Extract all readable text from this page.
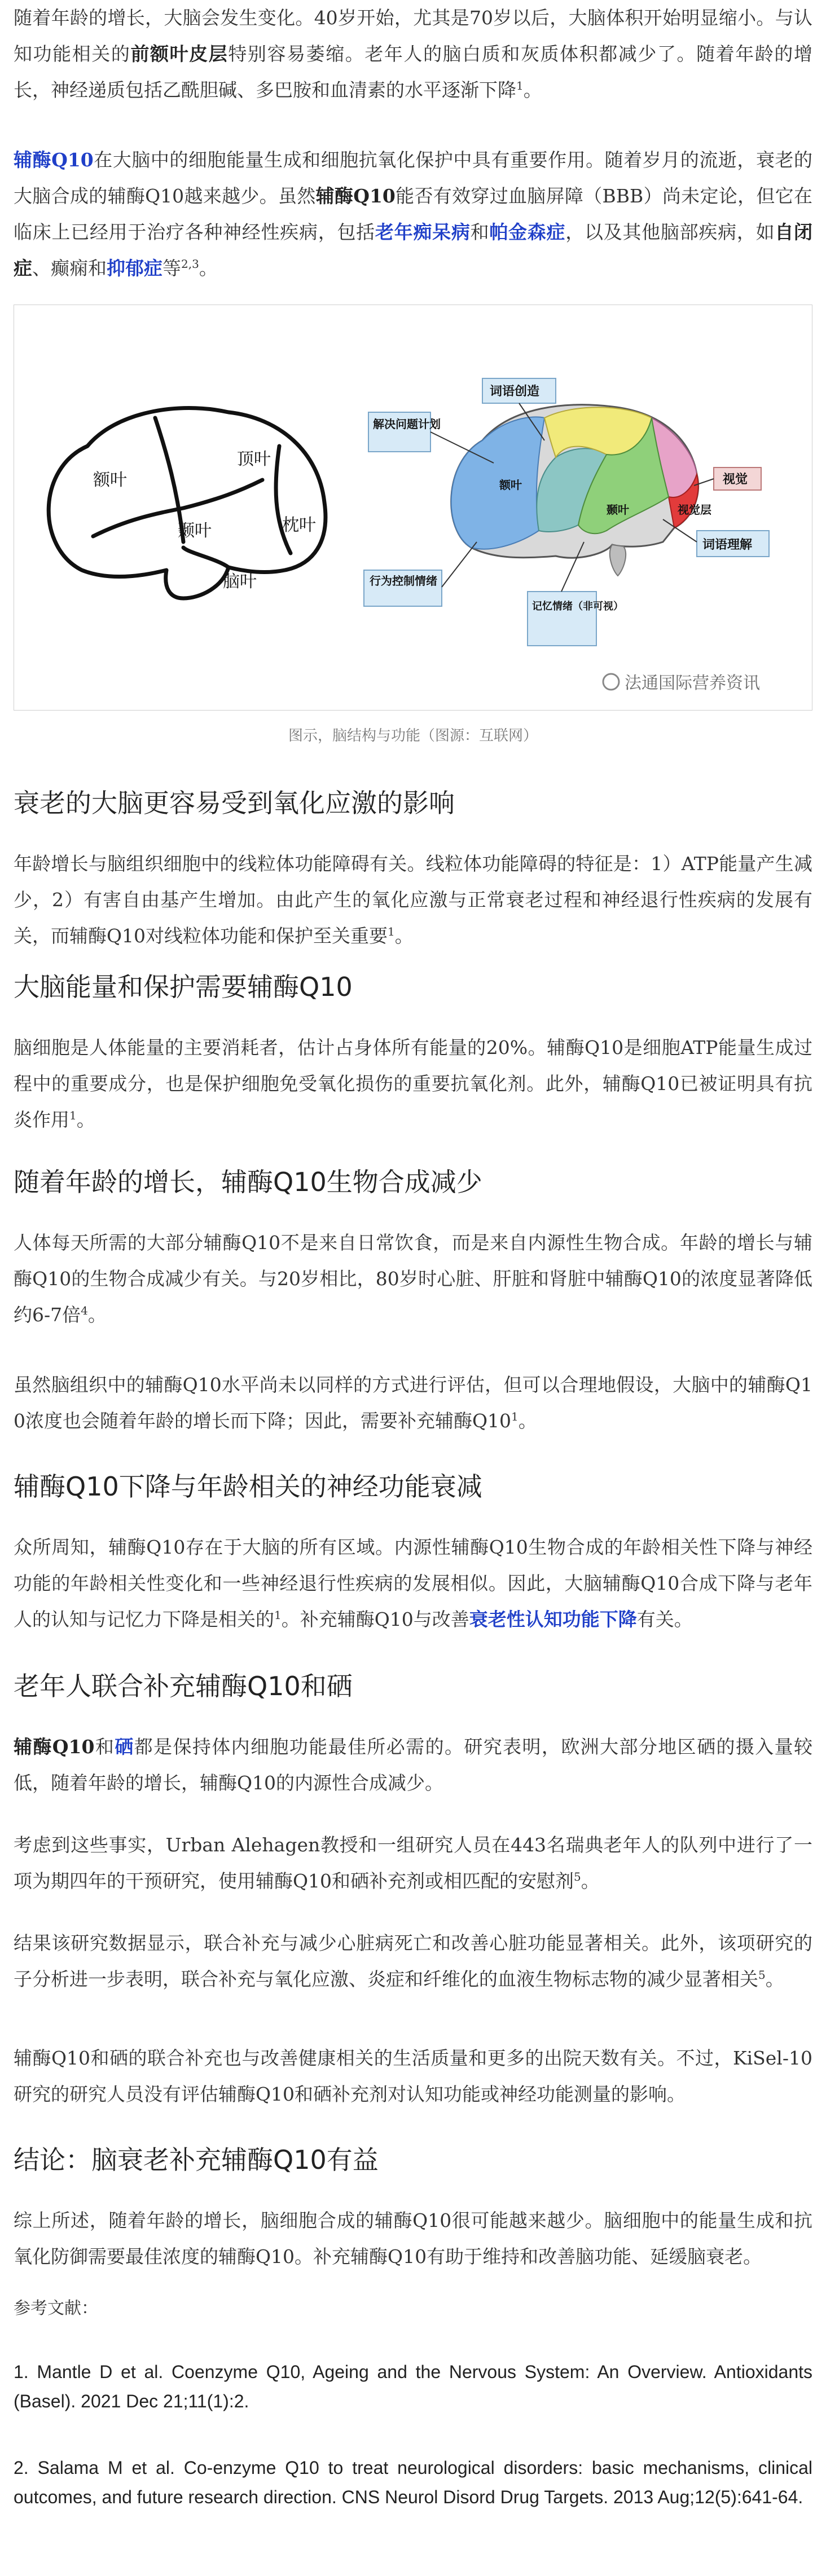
随着年龄的增长，大脑会发生变化。40岁开始，尤其是70岁以后，大脑体积开始明显缩小。与认知功能相关的前额叶皮层特别容易萎缩。老年人的脑白质和灰质体积都减少了。随着年龄的增长，神经递质包括乙酰胆碱、多巴胺和血清素的水平逐渐下降$^1$。

辅酶Q10在大脑中的细胞能量生成和细胞抗氧化保护中具有重要作用。随着岁月的流逝，衰老的大脑合成的辅酶Q10越来越少。虽然辅酶Q10能否有效穿过血脑屏障（BBB）尚未定论，但它在临床上已经用于治疗各种神经性疾病，包括老年痴呆病和帕金森症，以及其他脑部疾病，如自闭症、癫痫和抑郁症等$^{2,3}$。

顶叶
额叶
颞叶	枕叶
脑叶
词语创造
解决问题计划
视觉
视觉层
词语理解
行为控制情绪
记忆情绪（非可视）
额叶
颞叶
法通国际营养资讯
图示，脑结构与功能（图源：互联网）
衰老的大脑更容易受到氧化应激的影响

年龄增长与脑组织细胞中的线粒体功能障碍有关。线粒体功能障碍的特征是：1）ATP能量产生减少，2）有害自由基产生增加。由此产生的氧化应激与正常衰老过程和神经退行性疾病的发展有关，而辅酶Q10对线粒体功能和保护至关重要$^1$。

大脑能量和保护需要辅酶Q10

脑细胞是人体能量的主要消耗者，估计占身体所有能量的20%。辅酶Q10是细胞ATP能量生成过程中的重要成分，也是保护细胞免受氧化损伤的重要抗氧化剂。此外，辅酶Q10已被证明具有抗炎作用$^1$。

随着年龄的增长，辅酶Q10生物合成减少

人体每天所需的大部分辅酶Q10不是来自日常饮食，而是来自内源性生物合成。年龄的增长与辅酶Q10的生物合成减少有关。与20岁相比，80岁时心脏、肝脏和肾脏中辅酶Q10的浓度显著降低约6-7倍$^4$。

虽然脑组织中的辅酶Q10水平尚未以同样的方式进行评估，但可以合理地假设，大脑中的辅酶Q10浓度也会随着年龄的增长而下降；因此，需要补充辅酶$Q10^1$。

辅酶Q10下降与年龄相关的神经功能衰减

众所周知，辅酶Q10存在于大脑的所有区域。内源性辅酶Q10生物合成的年龄相关性下降与神经功能的年龄相关性变化和一些神经退行性疾病的发展相似。因此，大脑辅酶Q10合成下降与老年人的认知与记忆力下降是相关的$^1$。补充辅酶Q10与改善衰老性认知功能下降有关。

老年人联合补充辅酶Q10和硒

辅酶Q10和硒都是保持体内细胞功能最佳所必需的。研究表明，欧洲大部分地区硒的摄入量较低，随着年龄的增长，辅酶Q10的内源性合成减少。

考虑到这些事实，Urban Alehagen教授和一组研究人员在443名瑞典老年人的队列中进行了一项为期四年的干预研究，使用辅酶Q10和硒补充剂或相匹配的安慰剂$^5$。

结果该研究数据显示，联合补充与减少心脏病死亡和改善心脏功能显著相关。此外，该项研究的子分析进一步表明，联合补充与氧化应激、炎症和纤维化的血液生物标志物的减少显著相关$^5$。

辅酶Q10和硒的联合补充也与改善健康相关的生活质量和更多的出院天数有关。不过，KiSel-10研究的研究人员没有评估辅酶Q10和硒补充剂对认知功能或神经功能测量的影响。

结论：脑衰老补充辅酶Q10有益

综上所述，随着年龄的增长，脑细胞合成的辅酶Q10很可能越来越少。脑细胞中的能量生成和抗氧化防御需要最佳浓度的辅酶Q10。补充辅酶Q10有助于维持和改善脑功能、延缓脑衰老。

参考文献：

1. Mantle D et al. Coenzyme Q10, Ageing and the Nervous System: An Overview. Antioxidants (Basel). 2021 Dec 21;11(1):2.

2. Salama M et al. Co-enzyme Q10 to treat neurological disorders: basic mechanisms, clinical outcomes, and future research direction. CNS Neurol Disord Drug Targets. 2013 Aug;12(5):641-64.
